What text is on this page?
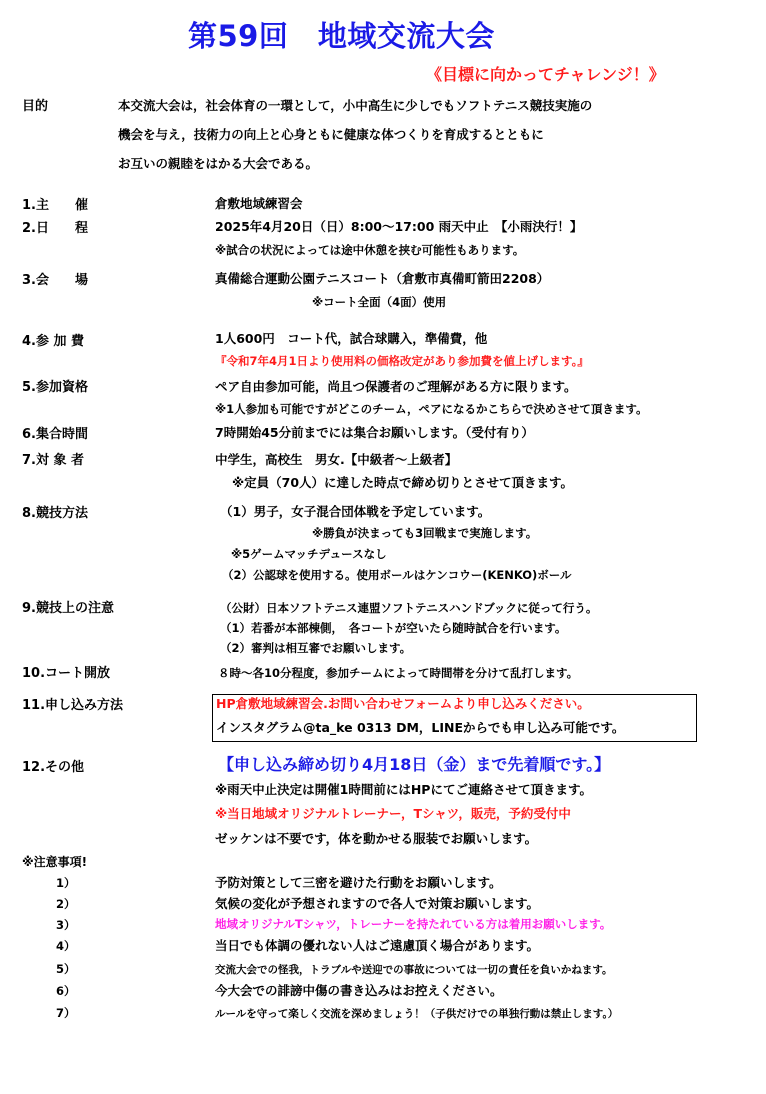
第59回　地域交流大会
《目標に向かってチャレンジ！》
目的	本交流大会は，社会体育の一環として，小中高生に少しでもソフトテニス競技実施の
機会を与え，技術力の向上と心身ともに健康な体つくりを育成するとともに
お互いの親睦をはかる大会である。
1.主　　催	倉敷地域練習会
2.日　　程	2025年4月20日（日）8:00～17:00 雨天中止　【小雨決行！】
※試合の状況によっては途中休憩を挟む可能性もあります。
3.会　　場	真備総合運動公園テニスコート（倉敷市真備町箭田2208）
※コート全面（4面）使用
4.参 加 費	1人600円　コート代，試合球購入，準備費，他
『令和7年4月1日より使用料の価格改定があり参加費を値上げします。』
5.参加資格	ペア自由参加可能，尚且つ保護者のご理解がある方に限ります。
※1人参加も可能ですがどこのチーム，ペアになるかこちらで決めさせて頂きます。
6.集合時間	7時開始45分前までには集合お願いします。（受付有り）
7.対 象 者	中学生，高校生　男女.【中級者～上級者】
※定員（70人）に達した時点で締め切りとさせて頂きます。
8.競技方法	（1）男子，女子混合団体戦を予定しています。
※勝負が決まっても3回戦まで実施します。
※5ゲームマッチデュースなし
（2）公認球を使用する。使用ボールはケンコウー(KENKO)ボール
9.競技上の注意	（公財）日本ソフトテニス連盟ソフトテニスハンドブックに従って行う。
（1）若番が本部棟側，　各コートが空いたら随時試合を行います。
（2）審判は相互審でお願いします。
10.コート開放	８時～各10分程度，参加チームによって時間帯を分けて乱打します。
11.申し込み方法	HP倉敷地域練習会.お問い合わせフォームより申し込みください。
インスタグラム@ta_ke 0313 DM，LINEからでも申し込み可能です。
12.その他	【申し込み締め切り4月18日（金）まで先着順です。】
※雨天中止決定は開催1時間前にはHPにてご連絡させて頂きます。
※当日地域オリジナルトレーナー，Tシャツ，販売，予約受付中
ゼッケンは不要です，体を動かせる服装でお願いします。
※注意事項!
1）	予防対策として三密を避けた行動をお願いします。
2）	気候の変化が予想されますので各人で対策お願いします。
3）	地域オリジナルTシャツ，トレーナーを持たれている方は着用お願いします。
4）	当日でも体調の優れない人はご遠慮頂く場合があります。
5）	交流大会での怪我，トラブルや送迎での事故については一切の責任を負いかねます。
6）	今大会での誹謗中傷の書き込みはお控えください。
7）	ルールを守って楽しく交流を深めましょう！（子供だけでの単独行動は禁止します。）
